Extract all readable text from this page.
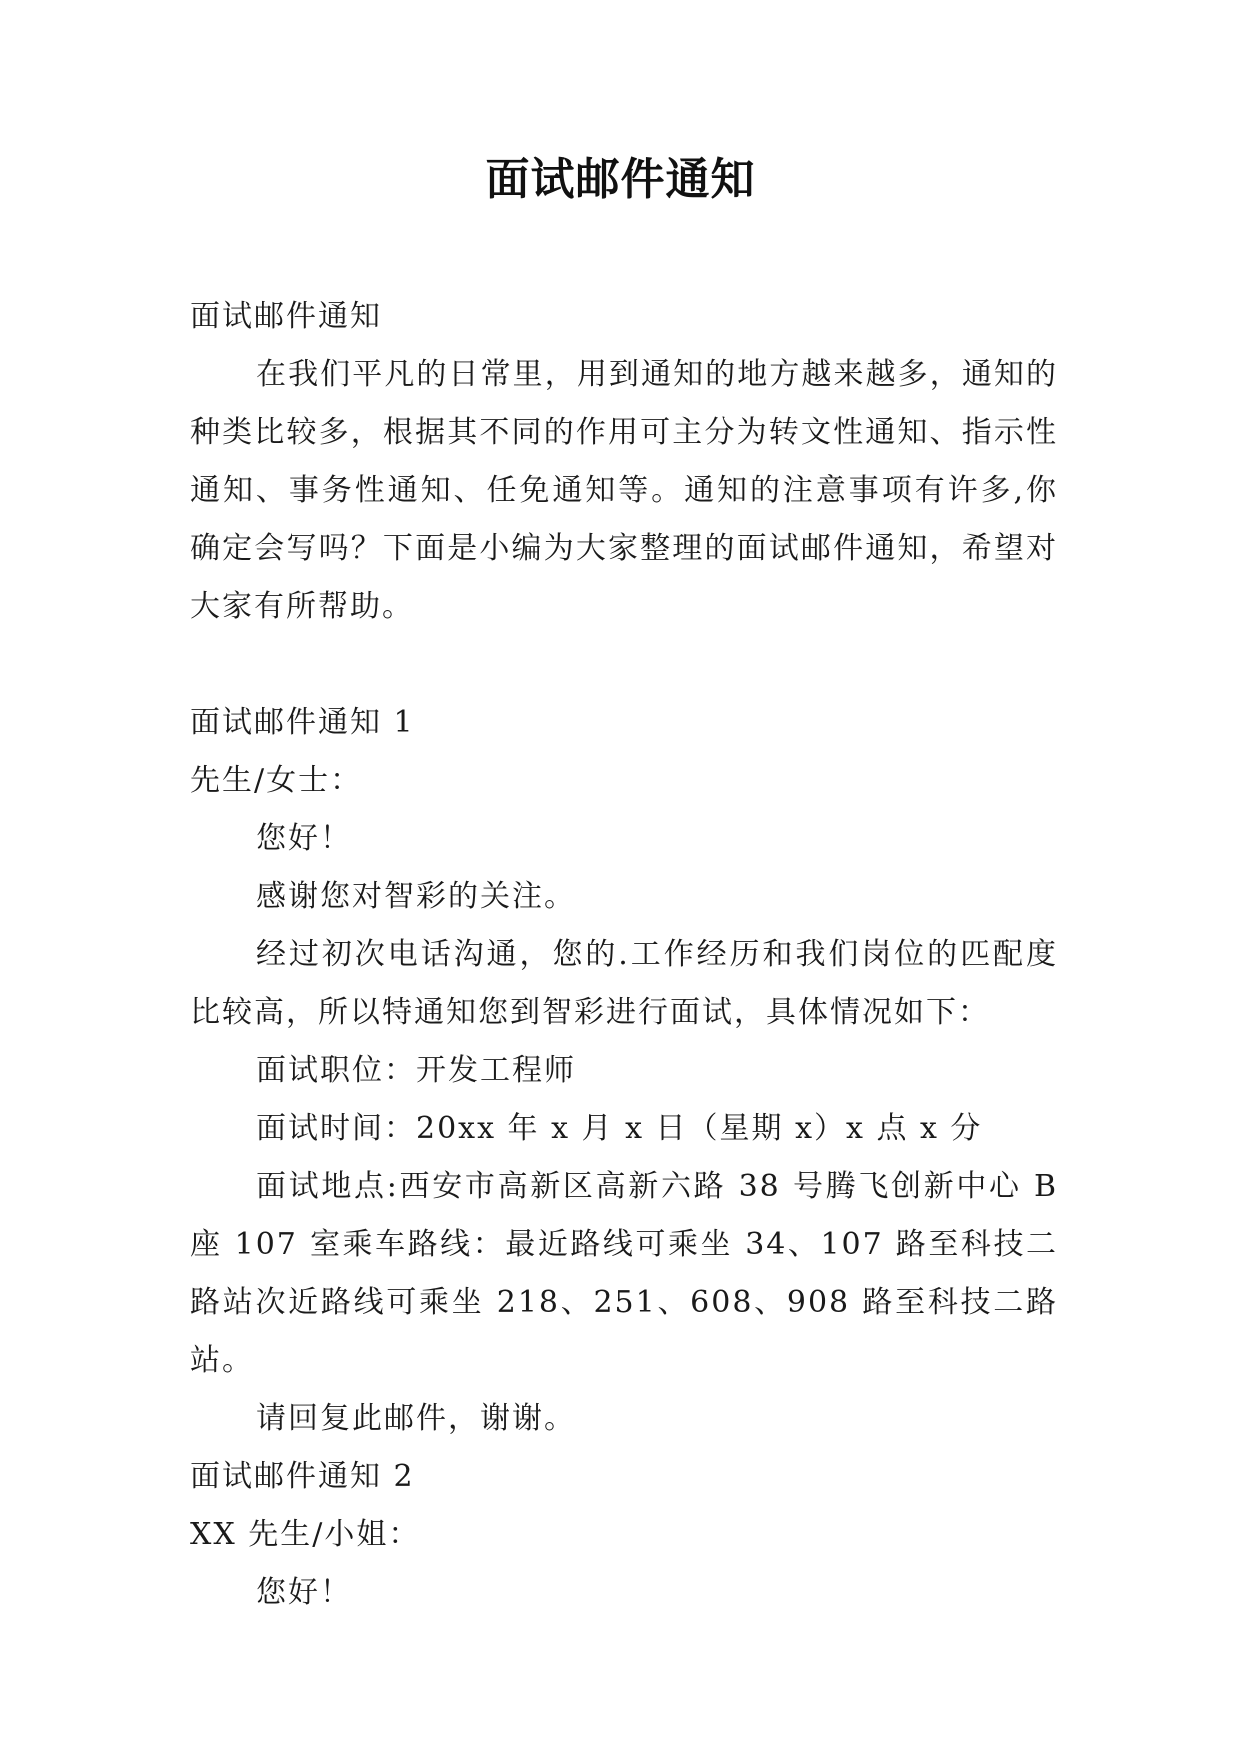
面试邮件通知
面试邮件通知
在我们平凡的日常里，用到通知的地方越来越多，通知的种类比较多，根据其不同的作用可主分为转文性通知、指示性通知、事务性通知、任免通知等。通知的注意事项有许多,你确定会写吗？下面是小编为大家整理的面试邮件通知，希望对大家有所帮助。
面试邮件通知 1
先生/女士：
您好！
感谢您对智彩的关注。
经过初次电话沟通，您的.工作经历和我们岗位的匹配度比较高，所以特通知您到智彩进行面试，具体情况如下：
面试职位：开发工程师
面试时间：20xx 年 x 月 x 日（星期 x）x 点 x 分
面试地点:西安市高新区高新六路 38 号腾飞创新中心 B 座 107 室乘车路线：最近路线可乘坐 34、107 路至科技二路站次近路线可乘坐 218、251、608、908 路至科技二路站。
请回复此邮件，谢谢。
面试邮件通知 2
XX 先生/小姐：
您好！
